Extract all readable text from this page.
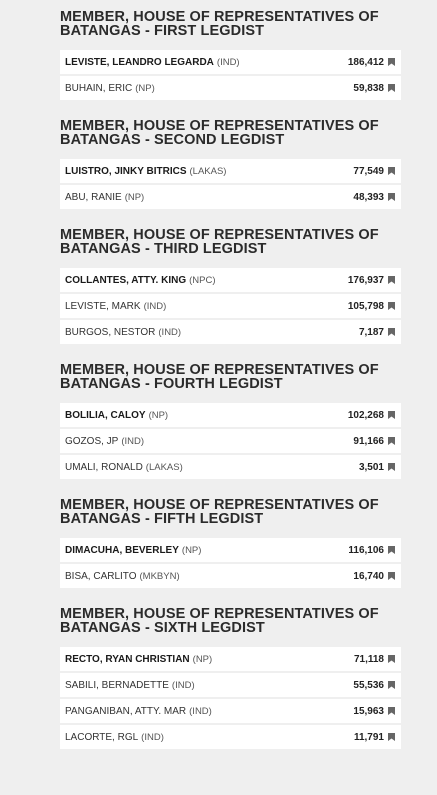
MEMBER, HOUSE OF REPRESENTATIVES OF BATANGAS - FIRST LEGDIST
LEVISTE, LEANDRO LEGARDA (IND)	186,412
BUHAIN, ERIC (NP)	59,838
MEMBER, HOUSE OF REPRESENTATIVES OF BATANGAS - SECOND LEGDIST
LUISTRO, JINKY BITRICS (LAKAS)	77,549
ABU, RANIE (NP)	48,393
MEMBER, HOUSE OF REPRESENTATIVES OF BATANGAS - THIRD LEGDIST
COLLANTES, ATTY. KING (NPC)	176,937
LEVISTE, MARK (IND)	105,798
BURGOS, NESTOR (IND)	7,187
MEMBER, HOUSE OF REPRESENTATIVES OF BATANGAS - FOURTH LEGDIST
BOLILIA, CALOY (NP)	102,268
GOZOS, JP (IND)	91,166
UMALI, RONALD (LAKAS)	3,501
MEMBER, HOUSE OF REPRESENTATIVES OF BATANGAS - FIFTH LEGDIST
DIMACUHA, BEVERLEY (NP)	116,106
BISA, CARLITO (MKBYN)	16,740
MEMBER, HOUSE OF REPRESENTATIVES OF BATANGAS - SIXTH LEGDIST
RECTO, RYAN CHRISTIAN (NP)	71,118
SABILI, BERNADETTE (IND)	55,536
PANGANIBAN, ATTY. MAR (IND)	15,963
LACORTE, RGL (IND)	11,791
